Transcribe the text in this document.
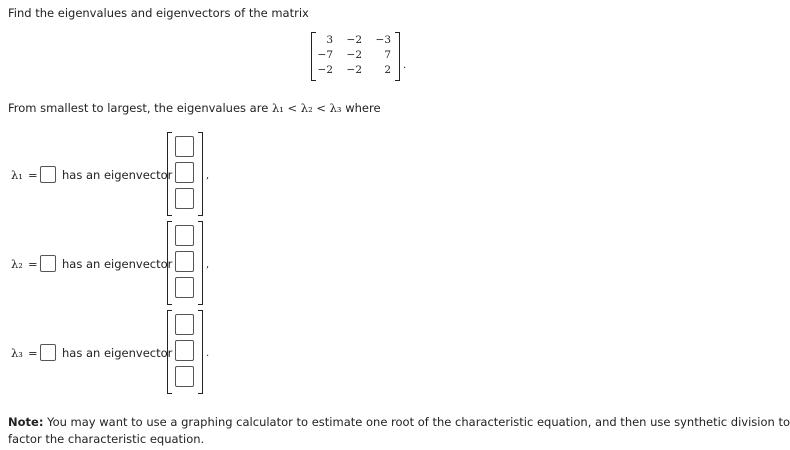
Find the eigenvalues and eigenvectors of the matrix
3	−2	−3
−7	−2	7
−2	−2	2 .
From smallest to largest, the eigenvalues are λ₁ < λ₂ < λ₃ where
λ₁ = has an eigenvector	,
λ₂ = has an eigenvector	,
λ₃ = has an eigenvector	.
Note: You may want to use a graphing calculator to estimate one root of the characteristic equation, and then use synthetic division to
factor the characteristic equation.
